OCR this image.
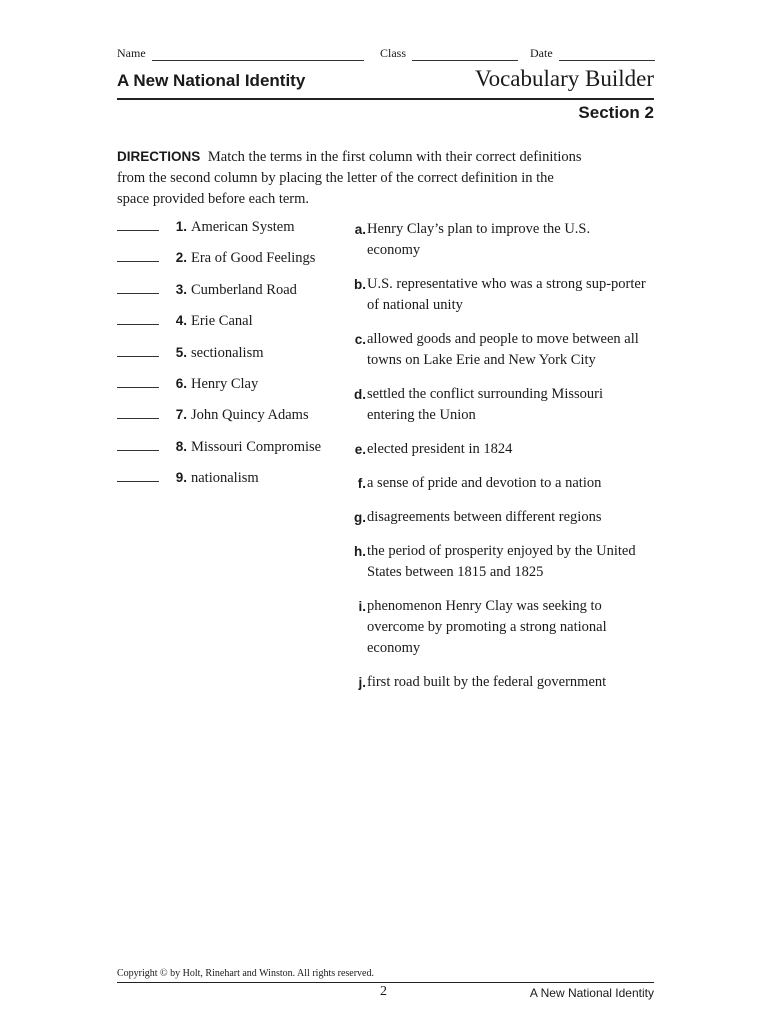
Name	Class	Date
A New National Identity	Vocabulary Builder
Section 2
DIRECTIONS Match the terms in the first column with their correct definitions from the second column by placing the letter of the correct definition in the space provided before each term.
1. American System
2. Era of Good Feelings
3. Cumberland Road
4. Erie Canal
5. sectionalism
6. Henry Clay
7. John Quincy Adams
8. Missouri Compromise
9. nationalism
a. Henry Clay’s plan to improve the U.S. economy
b. U.S. representative who was a strong sup-porter of national unity
c. allowed goods and people to move between all towns on Lake Erie and New York City
d. settled the conflict surrounding Missouri entering the Union
e. elected president in 1824
f. a sense of pride and devotion to a nation
g. disagreements between different regions
h. the period of prosperity enjoyed by the United States between 1815 and 1825
i. phenomenon Henry Clay was seeking to overcome by promoting a strong national economy
j. first road built by the federal government
Copyright © by Holt, Rinehart and Winston. All rights reserved.
2	A New National Identity
